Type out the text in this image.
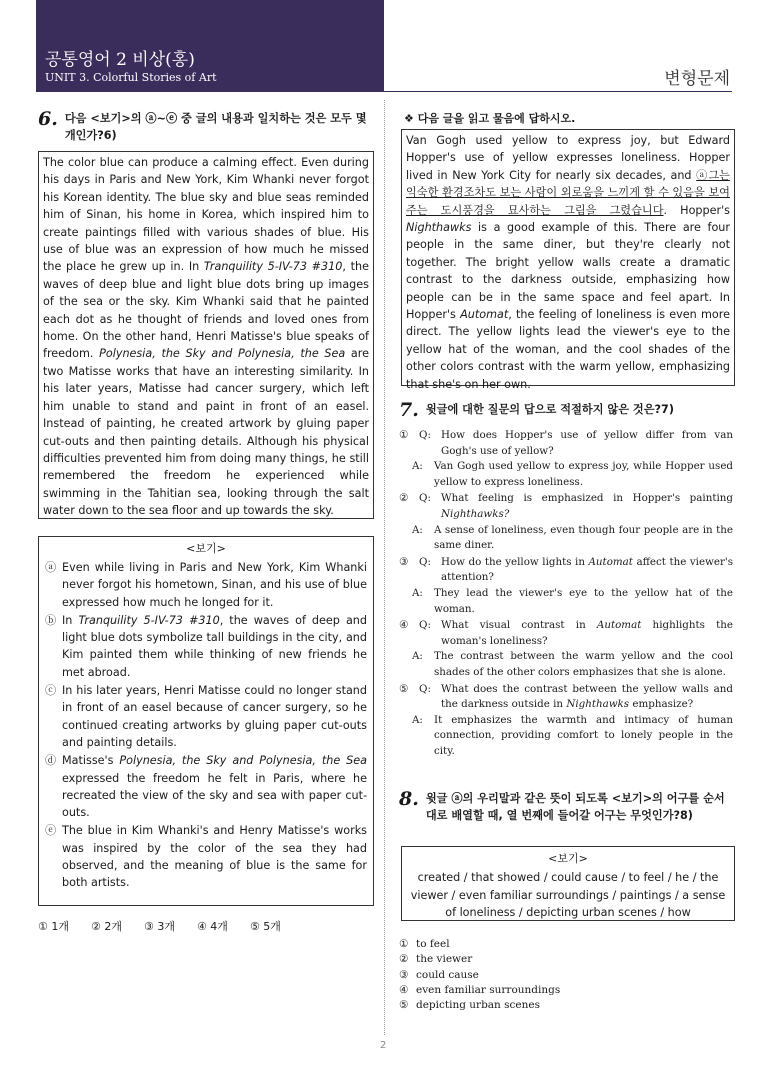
공통영어 2 비상(홍)
UNIT 3. Colorful Stories of Art	변형문제
6. 다음 <보기>의 ⓐ~ⓔ 중 글의 내용과 일치하는 것은 모두 몇 개인가?6)

The color blue can produce a calming effect. Even during his days in Paris and New York, Kim Whanki never forgot his Korean identity. The blue sky and blue seas reminded him of Sinan, his home in Korea, which inspired him to create paintings filled with various shades of blue. His use of blue was an expression of how much he missed the place he grew up in. In Tranquility 5-IV-73 #310, the waves of deep blue and light blue dots bring up images of the sea or the sky. Kim Whanki said that he painted each dot as he thought of friends and loved ones from home. On the other hand, Henri Matisse's blue speaks of freedom. Polynesia, the Sky and Polynesia, the Sea are two Matisse works that have an interesting similarity. In his later years, Matisse had cancer surgery, which left him unable to stand and paint in front of an easel. Instead of painting, he created artwork by gluing paper cut-outs and then painting details. Although his physical difficulties prevented him from doing many things, he still remembered the freedom he experienced while swimming in the Tahitian sea, looking through the salt water down to the sea floor and up towards the sky.

<보기>
ⓐ Even while living in Paris and New York, Kim Whanki never forgot his hometown, Sinan, and his use of blue expressed how much he longed for it.
ⓑ In Tranquility 5-IV-73 #310, the waves of deep and light blue dots symbolize tall buildings in the city, and Kim painted them while thinking of new friends he met abroad.
ⓒ In his later years, Henri Matisse could no longer stand in front of an easel because of cancer surgery, so he continued creating artworks by gluing paper cut-outs and painting details.
ⓓ Matisse's Polynesia, the Sky and Polynesia, the Sea expressed the freedom he felt in Paris, where he recreated the view of the sky and sea with paper cut-outs.
ⓔ The blue in Kim Whanki's and Henry Matisse's works was inspired by the color of the sea they had observed, and the meaning of blue is the same for both artists.
① 1개 ② 2개 ③ 3개 ④ 4개 ⑤ 5개
❖ 다음 글을 읽고 물음에 답하시오.

Van Gogh used yellow to express joy, but Edward Hopper's use of yellow expresses loneliness. Hopper lived in New York City for nearly six decades, and ⓐ그는 익숙한 환경조차도 보는 사람이 외로움을 느끼게 할 수 있음을 보여주는 도시풍경을 묘사하는 그림을 그렸습니다. Hopper's Nighthawks is a good example of this. There are four people in the same diner, but they're clearly not together. The bright yellow walls create a dramatic contrast to the darkness outside, emphasizing how people can be in the same space and feel apart. In Hopper's Automat, the feeling of loneliness is even more direct. The yellow lights lead the viewer's eye to the yellow hat of the woman, and the cool shades of the other colors contrast with the warm yellow, emphasizing that she's on her own.

7. 윗글에 대한 질문의 답으로 적절하지 않은 것은?7)
①	Q: How does Hopper's use of yellow differ from van Gogh's use of yellow?
A:	Van Gogh used yellow to express joy, while Hopper used yellow to express loneliness.
②	Q: What feeling is emphasized in Hopper's painting Nighthawks?
A:	A sense of loneliness, even though four people are in the same diner.
③	Q: How do the yellow lights in Automat affect the viewer's attention?
A:	They lead the viewer's eye to the yellow hat of the woman.
④	Q: What visual contrast in Automat highlights the woman's loneliness?
A:	The contrast between the warm yellow and the cool shades of the other colors emphasizes that she is alone.
⑤	Q: What does the contrast between the yellow walls and the darkness outside in Nighthawks emphasize?
A:	It emphasizes the warmth and intimacy of human connection, providing comfort to lonely people in the city.
8. 윗글 ⓐ의 우리말과 같은 뜻이 되도록 <보기>의 어구를 순서대로 배열할 때, 열 번째에 들어갈 어구는 무엇인가?8)
<보기>
created / that showed / could cause / to feel / he / the viewer / even familiar surroundings / paintings / a sense of loneliness / depicting urban scenes / how
① to feel
② the viewer
③ could cause
④ even familiar surroundings
⑤ depicting urban scenes
2
